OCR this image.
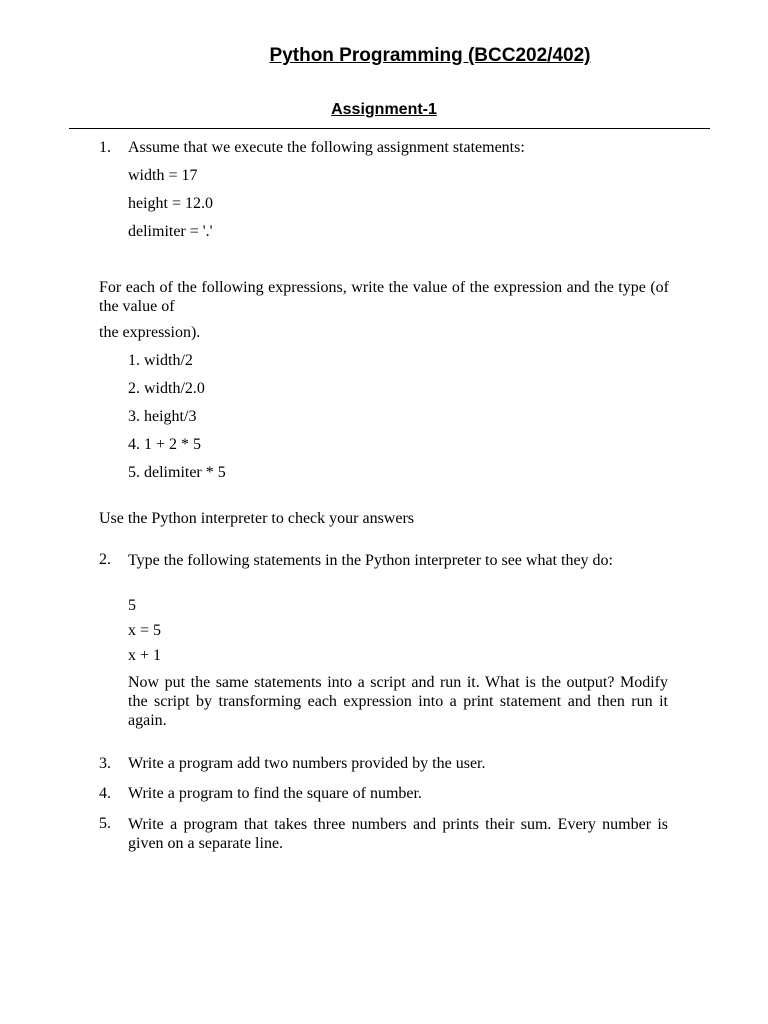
Python Programming (BCC202/402)
Assignment-1
1. Assume that we execute the following assignment statements:
width = 17
height = 12.0
delimiter = '.'
For each of the following expressions, write the value of the expression and the type (of the value of
the expression).
1. width/2
2. width/2.0
3. height/3
4. 1 + 2 * 5
5. delimiter * 5
Use the Python interpreter to check your answers
2. Type the following statements in the Python interpreter to see what they do:
5
x = 5
x + 1
Now put the same statements into a script and run it. What is the output? Modify the script by transforming each expression into a print statement and then run it again.
3. Write a program add two numbers provided by the user.
4. Write a program to find the square of number.
5. Write a program that takes three numbers and prints their sum. Every number is given on a separate line.
